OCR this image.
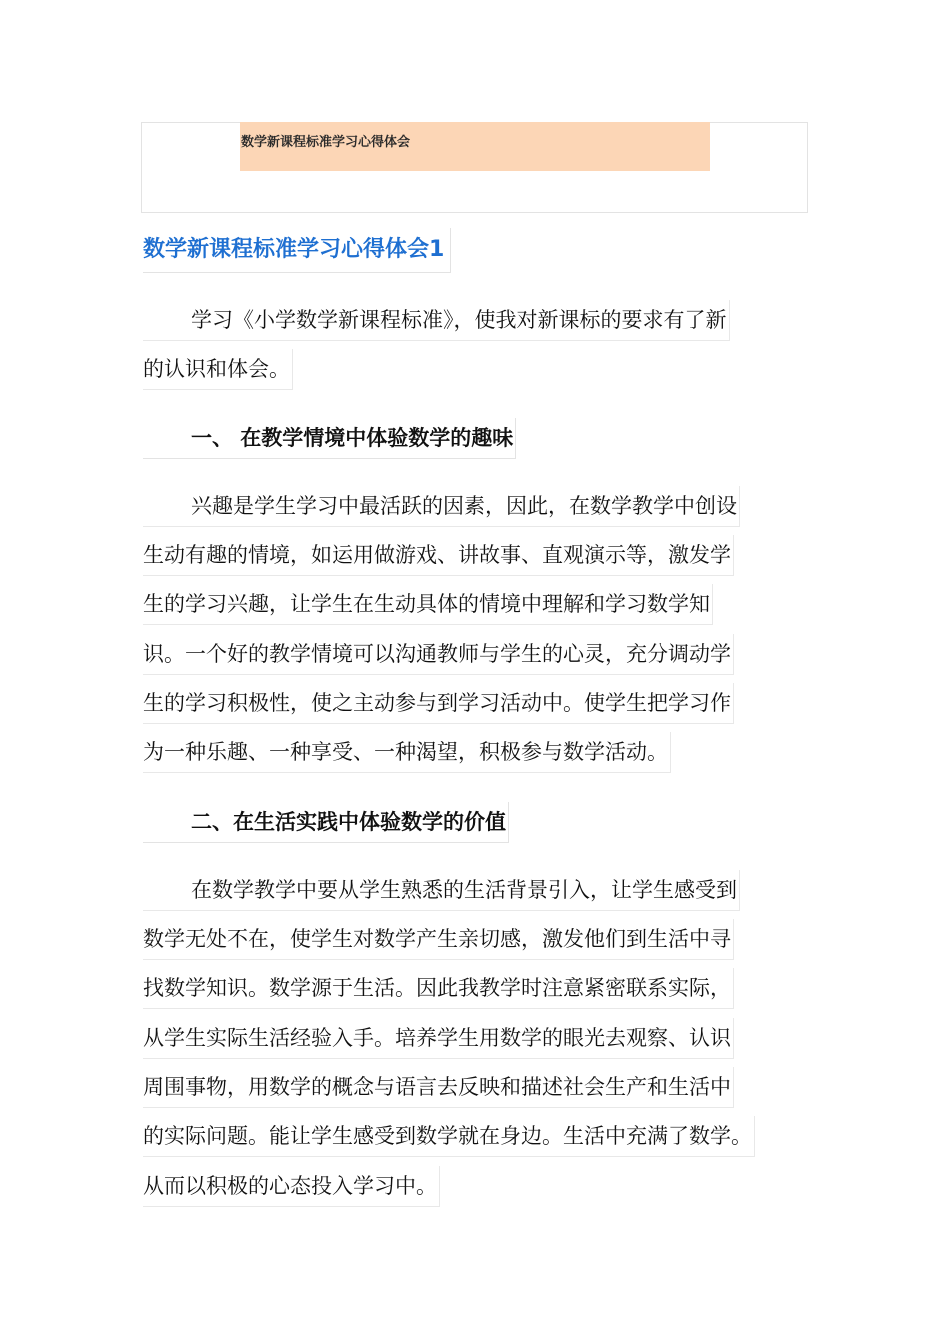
数学新课程标准学习心得体会
数学新课程标准学习心得体会1
学习《小学数学新课程标准》，使我对新课标的要求有了新
的认识和体会。
一、 在教学情境中体验数学的趣味
兴趣是学生学习中最活跃的因素，因此，在数学教学中创设
生动有趣的情境，如运用做游戏、讲故事、直观演示等，激发学
生的学习兴趣，让学生在生动具体的情境中理解和学习数学知
识。一个好的教学情境可以沟通教师与学生的心灵，充分调动学
生的学习积极性，使之主动参与到学习活动中。使学生把学习作
为一种乐趣、一种享受、一种渴望，积极参与数学活动。
二、在生活实践中体验数学的价值
在数学教学中要从学生熟悉的生活背景引入，让学生感受到
数学无处不在，使学生对数学产生亲切感，激发他们到生活中寻
找数学知识。数学源于生活。因此我教学时注意紧密联系实际，
从学生实际生活经验入手。培养学生用数学的眼光去观察、认识
周围事物，用数学的概念与语言去反映和描述社会生产和生活中
的实际问题。能让学生感受到数学就在身边。生活中充满了数学。
从而以积极的心态投入学习中。
